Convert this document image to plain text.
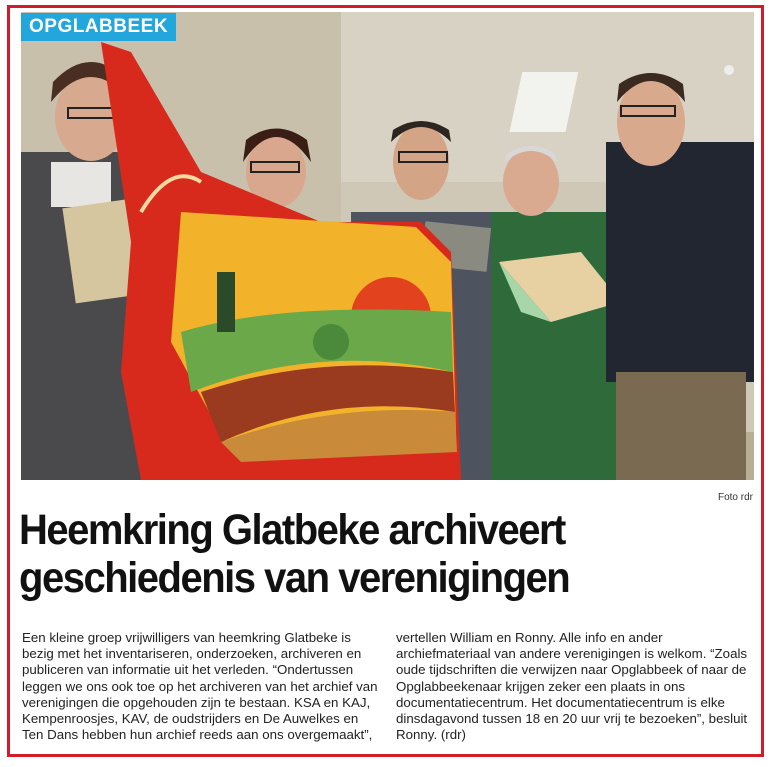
OPGLABBEEK
Foto rdr
Heemkring Glatbeke archiveert
geschiedenis van verenigingen

Een kleine groep vrijwilligers van heemkring Glatbeke is bezig met het inventariseren, onderzoeken, archiveren en publiceren van informatie uit het verleden. “Ondertussen leggen we ons ook toe op het archiveren van het archief van verenigingen die opgehouden zijn te bestaan. KSA en KAJ, Kempenroosjes, KAV, de oudstrijders en De Auwelkes en Ten Dans hebben hun archief reeds aan ons overgemaakt”,

vertellen William en Ronny. Alle info en ander archiefmateriaal van andere verenigingen is welkom. “Zoals oude tijdschriften die verwijzen naar Opglabbeek of naar de Opglabbeekenaar krijgen zeker een plaats in ons documentatiecentrum. Het documentatiecentrum is elke dinsdagavond tussen 18 en 20 uur vrij te bezoeken”, besluit Ronny. (rdr)
